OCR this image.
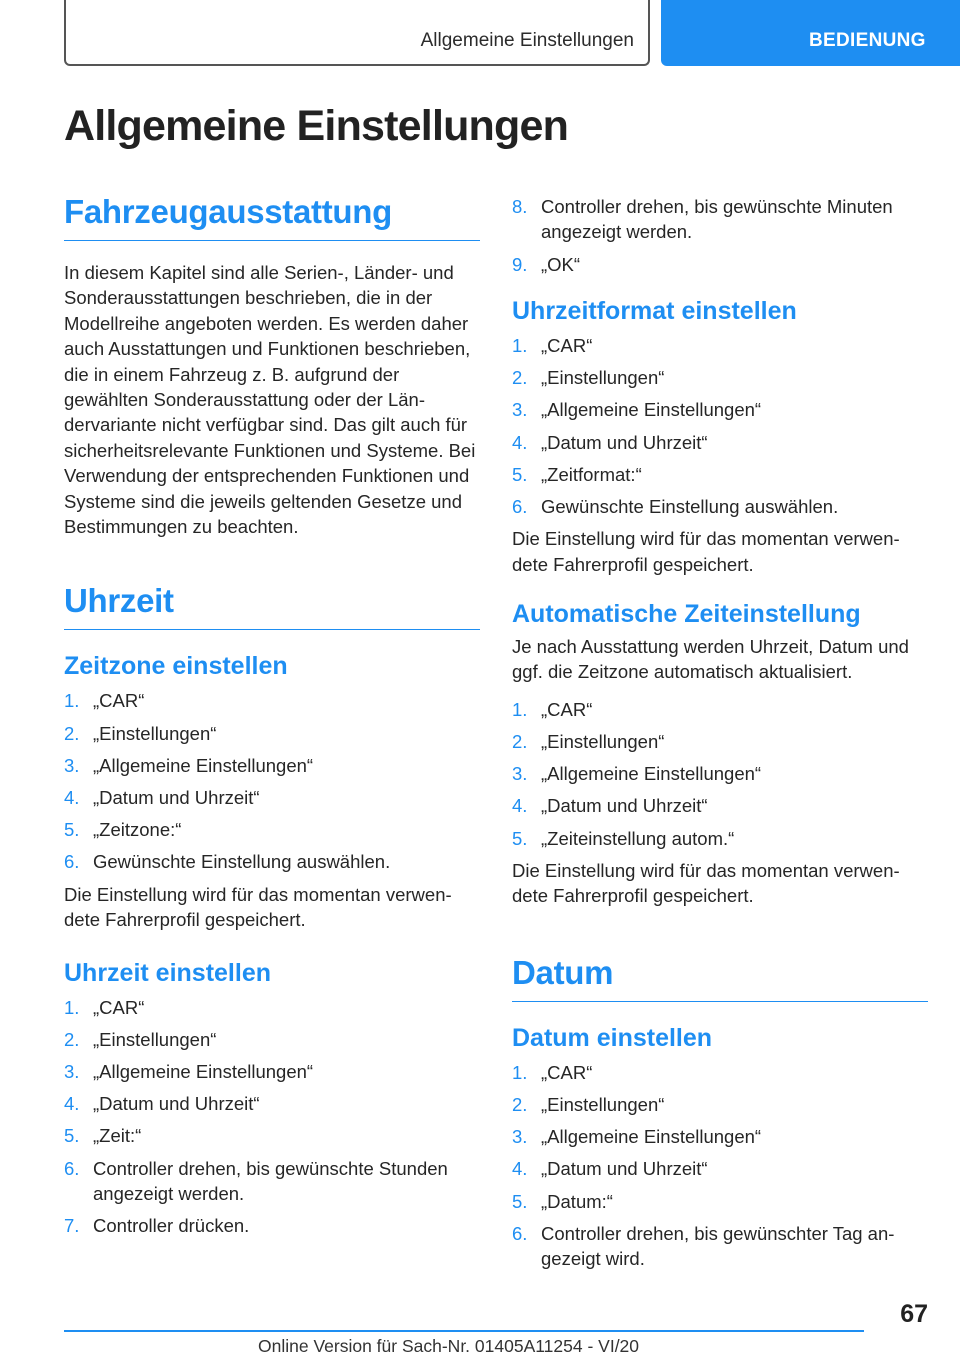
Allgemeine Einstellungen	BEDIENUNG
Allgemeine Einstellungen
Fahrzeugausstattung

In diesem Kapitel sind alle Serien-, Länder- und Sonderausstattungen beschrieben, die in der Modellreihe angeboten werden. Es werden daher auch Ausstattungen und Funktionen beschrieben, die in einem Fahrzeug z. B. aufgrund der gewählten Sonderausstattung oder der Ländervariante nicht verfügbar sind. Das gilt auch für sicherheitsrelevante Funktionen und Systeme. Bei Verwendung der entsprechenden Funktionen und Systeme sind die jeweils geltenden Gesetze und Bestimmungen zu beachten.

Uhrzeit
Zeitzone einstellen
1. „CAR“
2. „Einstellungen“
3. „Allgemeine Einstellungen“
4. „Datum und Uhrzeit“
5. „Zeitzone:“
6. Gewünschte Einstellung auswählen.

Die Einstellung wird für das momentan verwendete Fahrerprofil gespeichert.

Uhrzeit einstellen
1. „CAR“
2. „Einstellungen“
3. „Allgemeine Einstellungen“
4. „Datum und Uhrzeit“
5. „Zeit:“
6. Controller drehen, bis gewünschte Stunden angezeigt werden.
7. Controller drücken.
8. Controller drehen, bis gewünschte Minuten angezeigt werden.
9. „OK“
Uhrzeitformat einstellen
1. „CAR“
2. „Einstellungen“
3. „Allgemeine Einstellungen“
4. „Datum und Uhrzeit“
5. „Zeitformat:“
6. Gewünschte Einstellung auswählen.

Die Einstellung wird für das momentan verwendete Fahrerprofil gespeichert.

Automatische Zeiteinstellung

Je nach Ausstattung werden Uhrzeit, Datum und ggf. die Zeitzone automatisch aktualisiert.

1. „CAR“
2. „Einstellungen“
3. „Allgemeine Einstellungen“
4. „Datum und Uhrzeit“
5. „Zeiteinstellung autom.“

Die Einstellung wird für das momentan verwendete Fahrerprofil gespeichert.

Datum
Datum einstellen
1. „CAR“
2. „Einstellungen“
3. „Allgemeine Einstellungen“
4. „Datum und Uhrzeit“
5. „Datum:“
6. Controller drehen, bis gewünschter Tag angezeigt wird.
67
Online Version für Sach-Nr. 01405A11254 - VI/20
